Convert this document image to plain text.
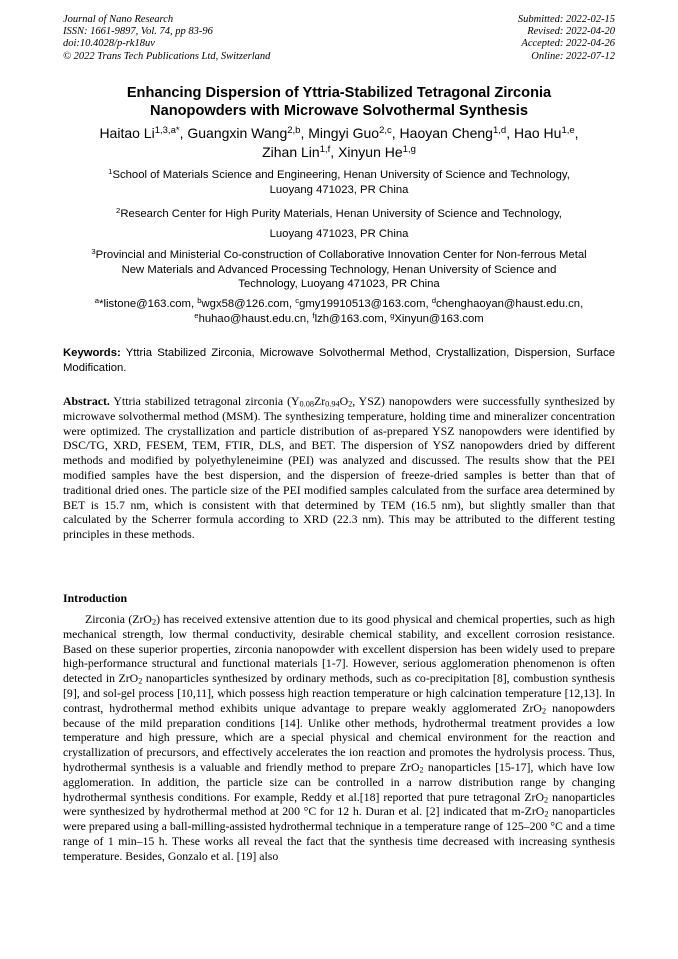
Journal of Nano Research
ISSN: 1661-9897, Vol. 74, pp 83-96
doi:10.4028/p-rk18uv
© 2022 Trans Tech Publications Ltd, Switzerland
Submitted: 2022-02-15
Revised: 2022-04-20
Accepted: 2022-04-26
Online: 2022-07-12
Enhancing Dispersion of Yttria-Stabilized Tetragonal Zirconia
Nanopowders with Microwave Solvothermal Synthesis
Haitao $Li^{1,3,a*}$, Guangxin Wang$^{2,b}$, Mingyi Guo$^{2,c}$, Haoyan Cheng$^{1,d}$, Hao Hu$^{1,e}$,
Zihan Lin$^{1,f}$, Xinyun He$^{1,g}$
$^1$School of Materials Science and Engineering, Henan University of Science and Technology,
Luoyang 471023, PR China
$^2$Research Center for High Purity Materials, Henan University of Science and Technology,
Luoyang 471023, PR China
$^3$Provincial and Ministerial Co-construction of Collaborative Innovation Center for Non-ferrous Metal
New Materials and Advanced Processing Technology, Henan University of Science and
Technology, Luoyang 471023, PR China
$^a$*listone@163.com, $^b$wgx58@126.com, $^c$gmy19910513@163.com, $^d$chenghaoyan@haust.edu.cn,
$^e$huhao@haust.edu.cn, $^f$lzh@163.com, $^g$Xinyun@163.com
Keywords: Yttria Stabilized Zirconia, Microwave Solvothermal Method, Crystallization, Dispersion, Surface Modification.
Abstract. Yttria stabilized tetragonal zirconia ($Y_{0.08}Zr_{0.94}O_2$, YSZ) nanopowders were successfully synthesized by microwave solvothermal method (MSM). The synthesizing temperature, holding time and mineralizer concentration were optimized. The crystallization and particle distribution of as-prepared YSZ nanopowders were identified by DSC/TG, XRD, FESEM, TEM, FTIR, DLS, and BET. The dispersion of YSZ nanopowders dried by different methods and modified by polyethyleneimine (PEI) was analyzed and discussed. The results show that the PEI modified samples have the best dispersion, and the dispersion of freeze-dried samples is better than that of traditional dried ones. The particle size of the PEI modified samples calculated from the surface area determined by BET is 15.7 nm, which is consistent with that determined by TEM (16.5 nm), but slightly smaller than that calculated by the Scherrer formula according to XRD (22.3 nm). This may be attributed to the different testing principles in these methods.
Introduction
Zirconia (ZrO$_2$) has received extensive attention due to its good physical and chemical properties, such as high mechanical strength, low thermal conductivity, desirable chemical stability, and excellent corrosion resistance. Based on these superior properties, zirconia nanopowder with excellent dispersion has been widely used to prepare high-performance structural and functional materials [1-7]. However, serious agglomeration phenomenon is often detected in ZrO$_2$ nanoparticles synthesized by ordinary methods, such as co-precipitation [8], combustion synthesis [9], and sol-gel process [10,11], which possess high reaction temperature or high calcination temperature [12,13]. In contrast, hydrothermal method exhibits unique advantage to prepare weakly agglomerated ZrO$_2$ nanopowders because of the mild preparation conditions [14]. Unlike other methods, hydrothermal treatment provides a low temperature and high pressure, which are a special physical and chemical environment for the reaction and crystallization of precursors, and effectively accelerates the ion reaction and promotes the hydrolysis process. Thus, hydrothermal synthesis is a valuable and friendly method to prepare ZrO$_2$ nanoparticles [15-17], which have low agglomeration. In addition, the particle size can be controlled in a narrow distribution range by changing hydrothermal synthesis conditions. For example, Reddy et al.[18] reported that pure tetragonal ZrO$_2$ nanoparticles were synthesized by hydrothermal method at 200 °C for 12 h. Duran et al. [2] indicated that m-ZrO$_2$ nanoparticles were prepared using a ball-milling-assisted hydrothermal technique in a temperature range of 125–200 °C and a time range of 1 min–15 h. These works all reveal the fact that the synthesis time decreased with increasing synthesis temperature. Besides, Gonzalo et al. [19] also
